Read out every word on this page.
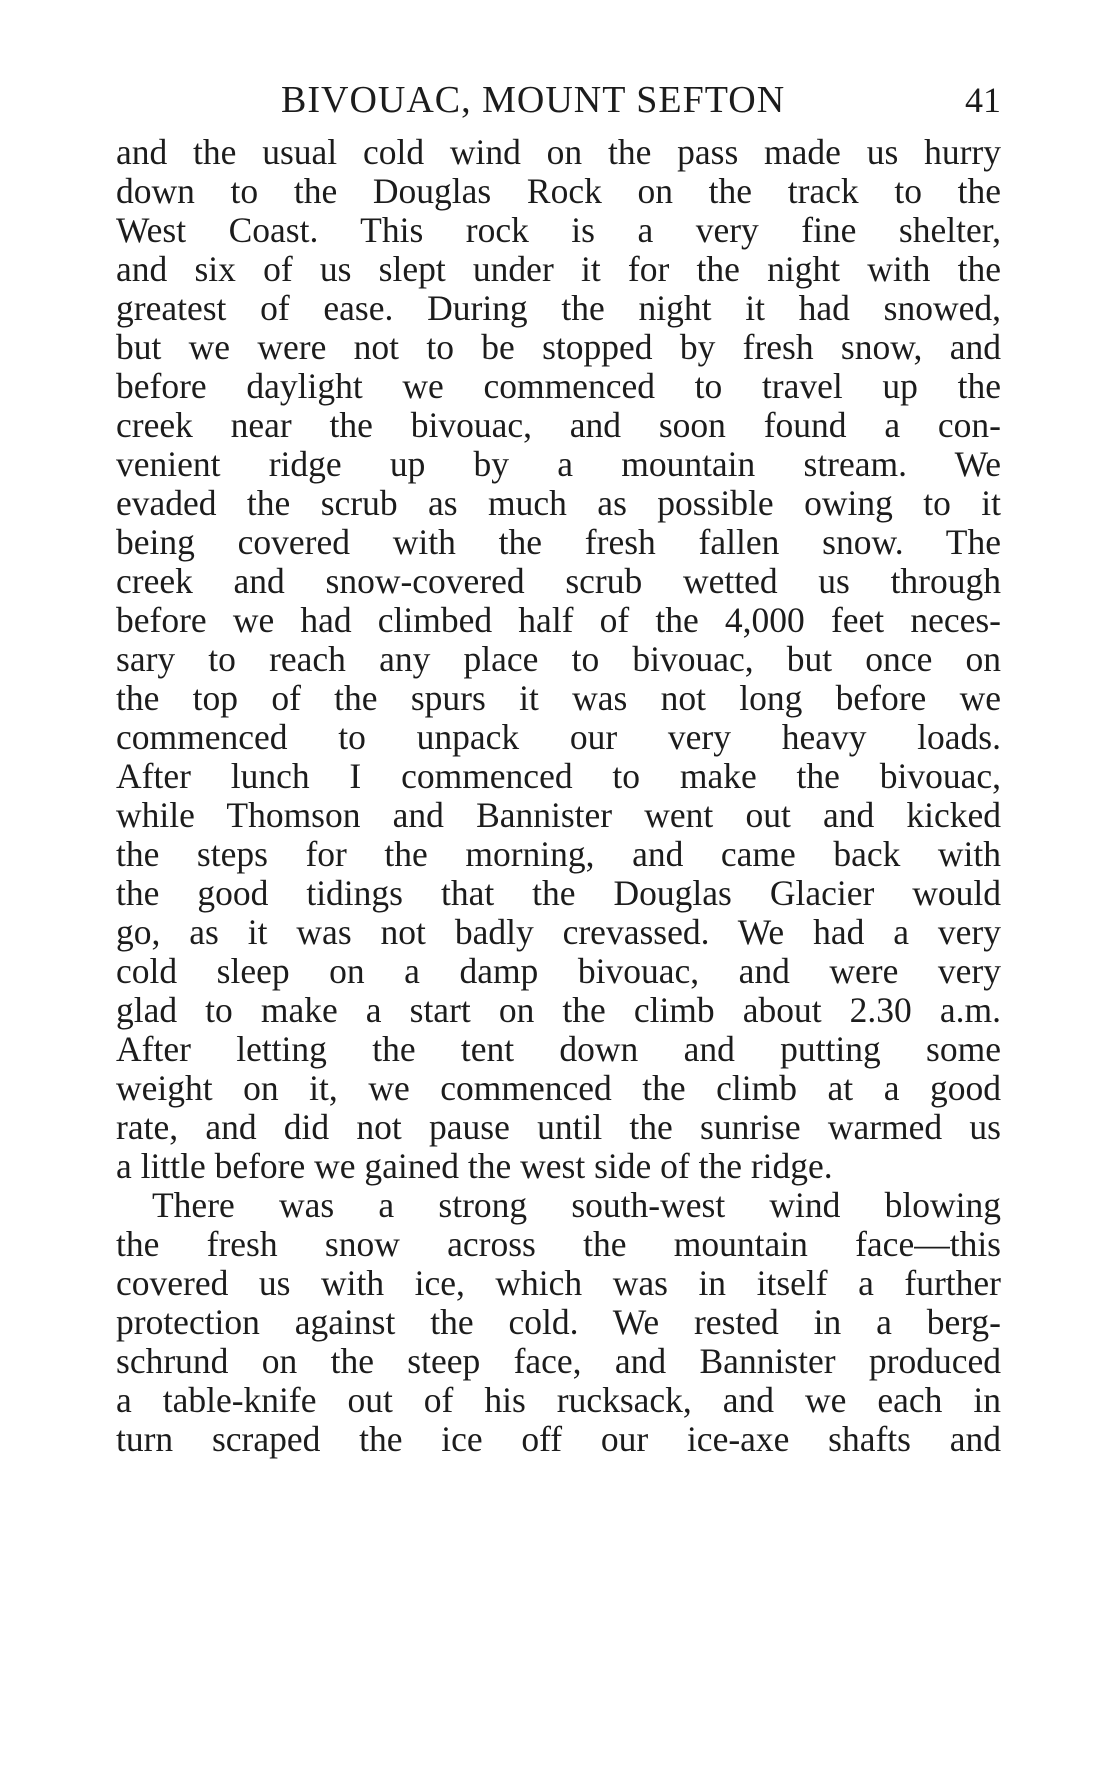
BIVOUAC, MOUNT SEFTON	41
and the usual cold wind on the pass made us hurry
down to the Douglas Rock on the track to the
West Coast. This rock is a very fine shelter,
and six of us slept under it for the night with the
greatest of ease. During the night it had snowed,
but we were not to be stopped by fresh snow, and
before daylight we commenced to travel up the
creek near the bivouac, and soon found a con-
venient ridge up by a mountain stream. We
evaded the scrub as much as possible owing to it
being covered with the fresh fallen snow. The
creek and snow-covered scrub wetted us through
before we had climbed half of the 4,000 feet neces-
sary to reach any place to bivouac, but once on
the top of the spurs it was not long before we
commenced to unpack our very heavy loads.
After lunch I commenced to make the bivouac,
while Thomson and Bannister went out and kicked
the steps for the morning, and came back with
the good tidings that the Douglas Glacier would
go, as it was not badly crevassed. We had a very
cold sleep on a damp bivouac, and were very
glad to make a start on the climb about 2.30 a.m.
After letting the tent down and putting some
weight on it, we commenced the climb at a good
rate, and did not pause until the sunrise warmed us
a little before we gained the west side of the ridge.
There was a strong south-west wind blowing
the fresh snow across the mountain face—this
covered us with ice, which was in itself a further
protection against the cold. We rested in a berg-
schrund on the steep face, and Bannister produced
a table-knife out of his rucksack, and we each in
turn scraped the ice off our ice-axe shafts and
